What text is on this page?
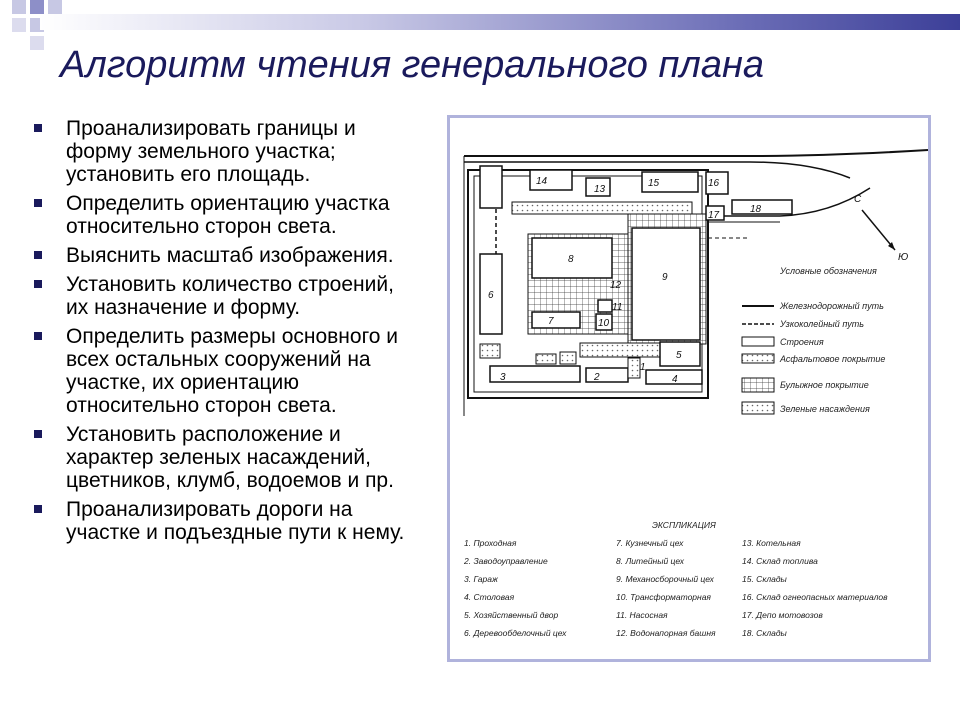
Алгоритм чтения генерального плана
Проанализировать границы и форму земельного участка; установить его площадь.
Определить ориентацию участка относительно сторон света.
Выяснить масштаб изображения.
Установить количество строений, их назначение и форму.
Определить размеры основного и всех остальных сооружений на участке, их ориентацию относительно сторон света.
Установить расположение и характер зеленых насаждений, цветников, клумб, водоемов и пр.
Проанализировать дороги на участке и подъездные пути к нему.
1
2
3	4
5
6
7
8
9
10
11
12
13
14	15	16
17
18
С
Ю
Условные обозначения
Железнодорожный путь
Узкоколейный путь
Строения
Асфальтовое покрытие
Булыжное покрытие
Зеленые насаждения
ЭКСПЛИКАЦИЯ
1. Проходная
2. Заводоуправление
3. Гараж
4. Столовая
5. Хозяйственный двор
6. Деревообделочный цех
7. Кузнечный цех
8. Литейный цех
9. Механосборочный цех
10. Трансформаторная
11. Насосная
12. Водонапорная башня
13. Котельная
14. Склад топлива
15. Склады
16. Склад огнеопасных материалов
17. Депо мотовозов
18. Склады
